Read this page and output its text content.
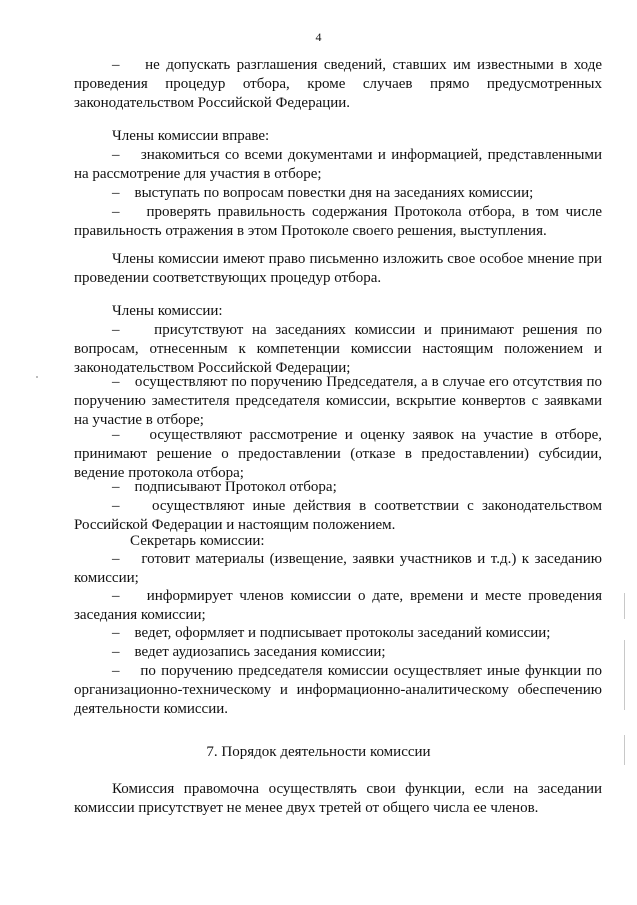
4

–    не допускать разглашения сведений, ставших им известными в ходе проведения процедур отбора, кроме случаев прямо предусмотренных законодательством Российской Федерации.

Члены комиссии вправе:

–    знакомиться со всеми документами и информацией, представленными на рассмотрение для участия в отборе;

–    выступать по вопросам повестки дня на заседаниях комиссии;

–    проверять правильность содержания Протокола отбора, в том числе правильность отражения в этом Протоколе своего решения, выступления.

Члены комиссии имеют право письменно изложить свое особое мнение при проведении соответствующих процедур отбора.

Члены комиссии:

–    присутствуют на заседаниях комиссии и принимают решения по вопросам, отнесенным к компетенции комиссии настоящим положением и законодательством Российской Федерации;

–    осуществляют по поручению Председателя, а в случае его отсутствия по поручению заместителя председателя комиссии, вскрытие конвертов с заявками на участие в отборе;

–    осуществляют рассмотрение и оценку заявок на участие в отборе, принимают решение о предоставлении (отказе в предоставлении) субсидии, ведение протокола отбора;

–    подписывают Протокол отбора;

–    осуществляют иные действия в соответствии с законодательством Российской Федерации и настоящим положением.

Секретарь комиссии:

–    готовит материалы (извещение, заявки участников и т.д.) к заседанию комиссии;

–    информирует членов комиссии о дате, времени и месте проведения заседания комиссии;

–    ведет, оформляет и подписывает протоколы заседаний комиссии;

–    ведет аудиозапись заседания комиссии;

–    по поручению председателя комиссии осуществляет иные функции по организационно-техническому и информационно-аналитическому обеспечению деятельности комиссии.

7. Порядок деятельности комиссии

Комиссия правомочна осуществлять свои функции, если на заседании комиссии присутствует не менее двух третей от общего числа ее членов.
